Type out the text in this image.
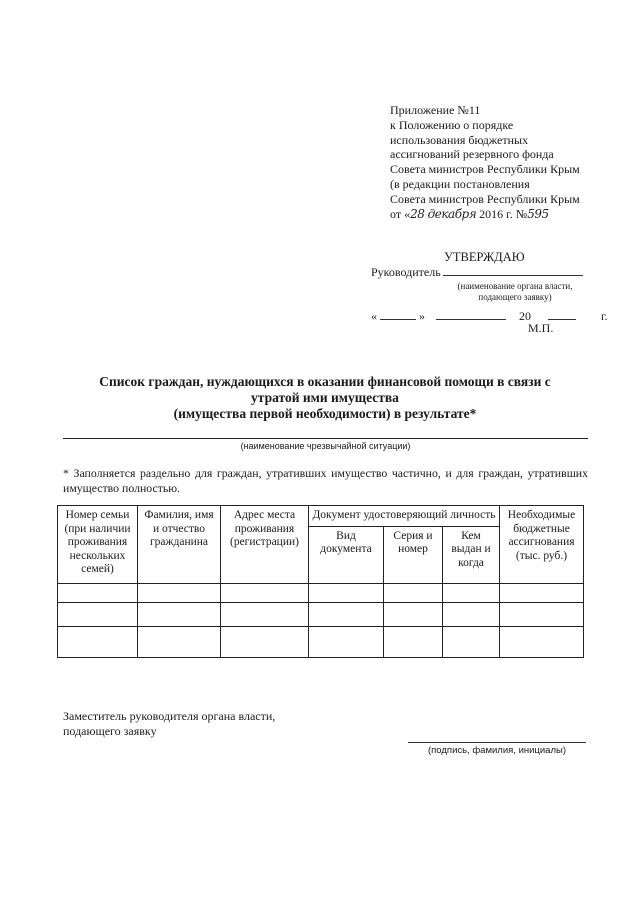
Приложение №11
к Положению о порядке
использования бюджетных
ассигнований резервного фонда
Совета министров Республики Крым
(в редакции постановления
Совета министров Республики Крым
от «28 декабря 2016 г. №595
УТВЕРЖДАЮ
Руководитель
(наименование органа власти, подающего заявку)
«	»	20	г.
М.П.
Список граждан, нуждающихся в оказании финансовой помощи в связи с
утратой ими имущества
(имущества первой необходимости) в результате*
(наименование чрезвычайной ситуации)
* Заполняется раздельно для граждан, утративших имущество частично, и для граждан, утративших имущество полностью.
Номер семьи (при наличии проживания нескольких семей)	Фамилия, имя и отчество гражданина	Адрес места проживания (регистрации)	Документ удостоверяющий личность			Необходимые бюджетные ассигнования (тыс. руб.)
			Вид документа	Серия и номер	Кем выдан и когда	

Заместитель руководителя органа власти,
подающего заявку
(подпись, фамилия, инициалы)
